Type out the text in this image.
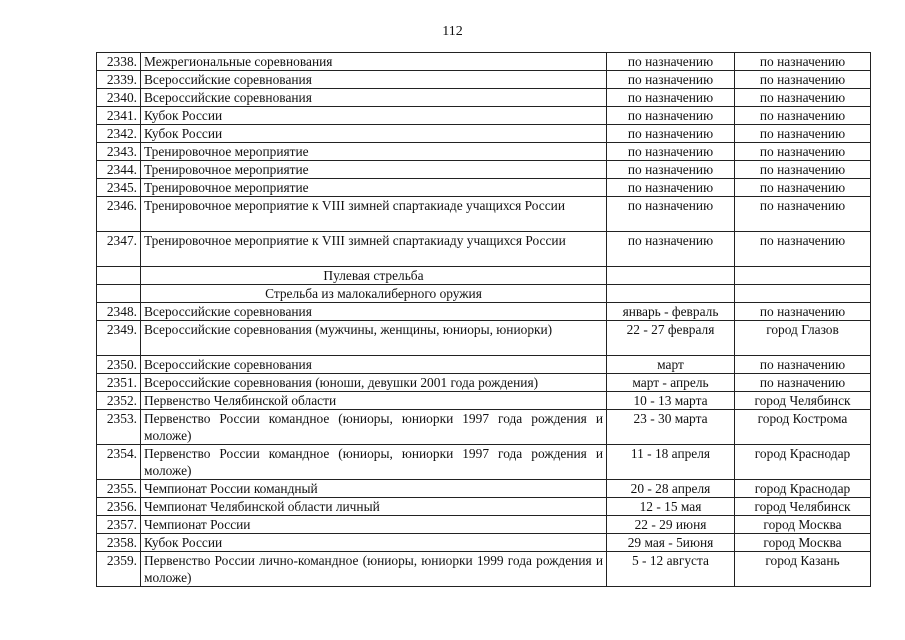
112
2338.	Межрегиональные соревнования	по назначению	по назначению
2339.	Всероссийские соревнования	по назначению	по назначению
2340.	Всероссийские соревнования	по назначению	по назначению
2341.	Кубок России	по назначению	по назначению
2342.	Кубок России	по назначению	по назначению
2343.	Тренировочное мероприятие	по назначению	по назначению
2344.	Тренировочное мероприятие	по назначению	по назначению
2345.	Тренировочное мероприятие	по назначению	по назначению
2346.	Тренировочное мероприятие к VIII зимней спартакиаде учащихся России	по назначению	по назначению
2347.	Тренировочное мероприятие к VIII зимней спартакиаду учащихся России	по назначению	по назначению
	Пулевая стрельба		
	Стрельба из малокалиберного оружия		
2348.	Всероссийские соревнования	январь - февраль	по назначению
2349.	Всероссийские соревнования (мужчины, женщины, юниоры, юниорки)	22 - 27 февраля	город Глазов
2350.	Всероссийские соревнования	март	по назначению
2351.	Всероссийские соревнования (юноши, девушки 2001 года рождения)	март - апрель	по назначению
2352.	Первенство Челябинской области	10 - 13 марта	город Челябинск
2353.	Первенство России командное (юниоры, юниорки 1997 года рождения и моложе)	23 - 30 марта	город Кострома
2354.	Первенство России командное (юниоры, юниорки 1997 года рождения и моложе)	11 - 18 апреля	город Краснодар
2355.	Чемпионат России командный	20 - 28 апреля	город Краснодар
2356.	Чемпионат Челябинской области личный	12 - 15 мая	город Челябинск
2357.	Чемпионат России	22 - 29 июня	город Москва
2358.	Кубок России	29 мая - 5июня	город Москва
2359.	Первенство России лично-командное (юниоры, юниорки 1999 года рождения и моложе)	5 - 12 августа	город Казань
